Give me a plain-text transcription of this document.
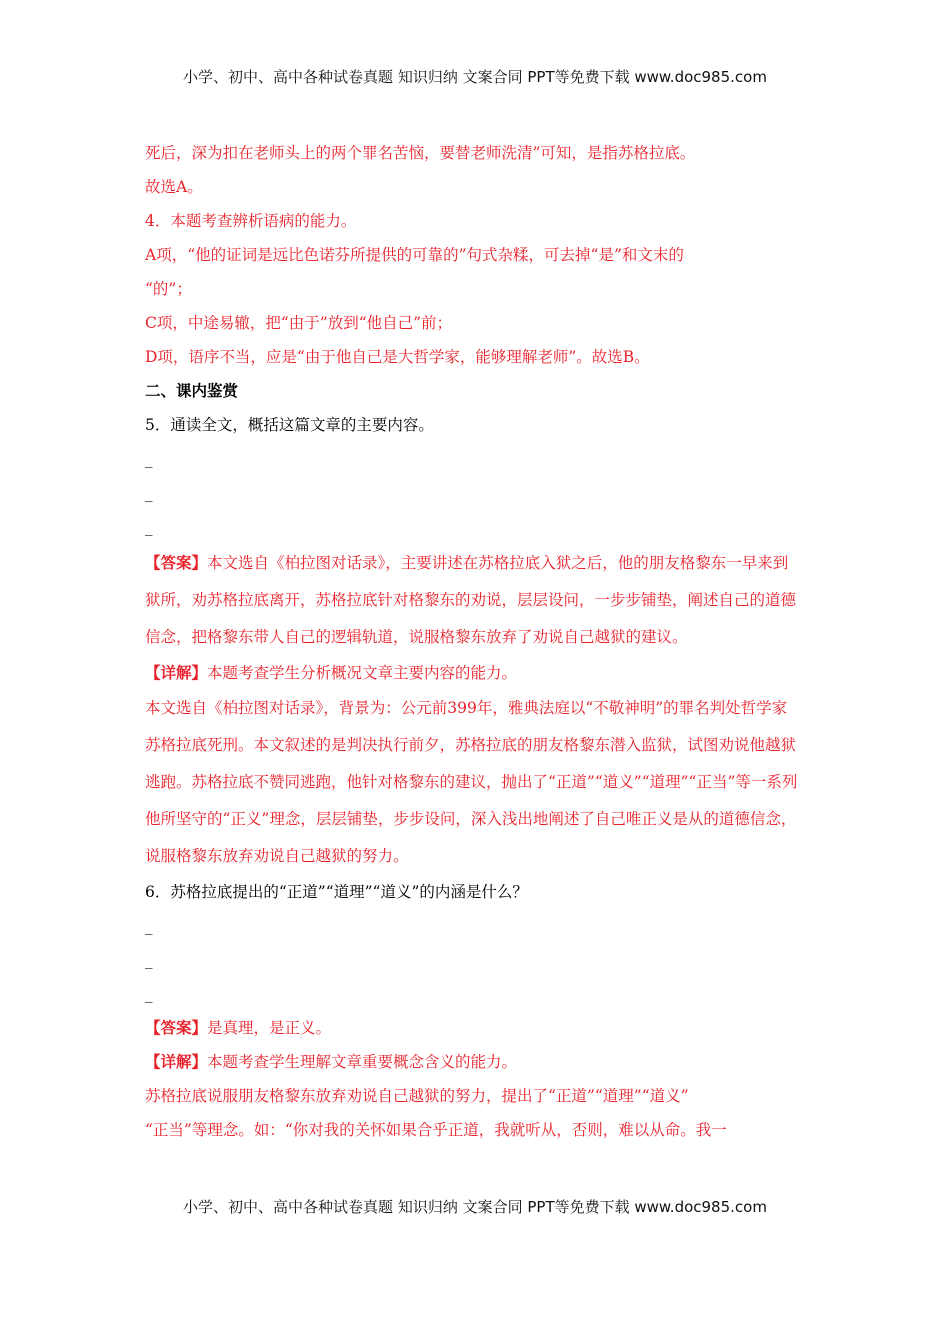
小学、初中、高中各种试卷真题 知识归纳 文案合同 PPT等免费下载 www.doc985.com
死后，深为扣在老师头上的两个罪名苦恼，要替老师洗清”可知，是指苏格拉底。
故选A。
4．本题考查辨析语病的能力。
A项，“他的证词是远比色诺芬所提供的可靠的”句式杂糅，可去掉“是”和文末的
“的”；
C项，中途易辙，把“由于”放到“他自己”前；
D项，语序不当，应是“由于他自己是大哲学家，能够理解老师”。故选B。
二、课内鉴赏
5．通读全文，概括这篇文章的主要内容。
_
_
_
【答案】本文选自《柏拉图对话录》，主要讲述在苏格拉底入狱之后，他的朋友格黎东一早来到狱所，劝苏格拉底离开，苏格拉底针对格黎东的劝说，层层设问，一步步铺垫，阐述自己的道德信念，把格黎东带人自己的逻辑轨道，说服格黎东放弃了劝说自己越狱的建议。
【详解】本题考查学生分析概况文章主要内容的能力。
本文选自《柏拉图对话录》，背景为：公元前399年，雅典法庭以“不敬神明”的罪名判处哲学家苏格拉底死刑。本文叙述的是判决执行前夕，苏格拉底的朋友格黎东潜入监狱，试图劝说他越狱逃跑。苏格拉底不赞同逃跑，他针对格黎东的建议，抛出了“正道”“道义”“道理”“正当”等一系列他所坚守的“正义”理念，层层铺垫，步步设问，深入浅出地阐述了自己唯正义是从的道德信念，说服格黎东放弃劝说自己越狱的努力。
6．苏格拉底提出的“正道”“道理”“道义”的内涵是什么？
_
_
_
【答案】是真理，是正义。
【详解】本题考查学生理解文章重要概念含义的能力。
苏格拉底说服朋友格黎东放弃劝说自己越狱的努力，提出了“正道”“道理”“道义”
“正当”等理念。如：“你对我的关怀如果合乎正道，我就听从，否则，难以从命。我一
小学、初中、高中各种试卷真题 知识归纳 文案合同 PPT等免费下载 www.doc985.com
